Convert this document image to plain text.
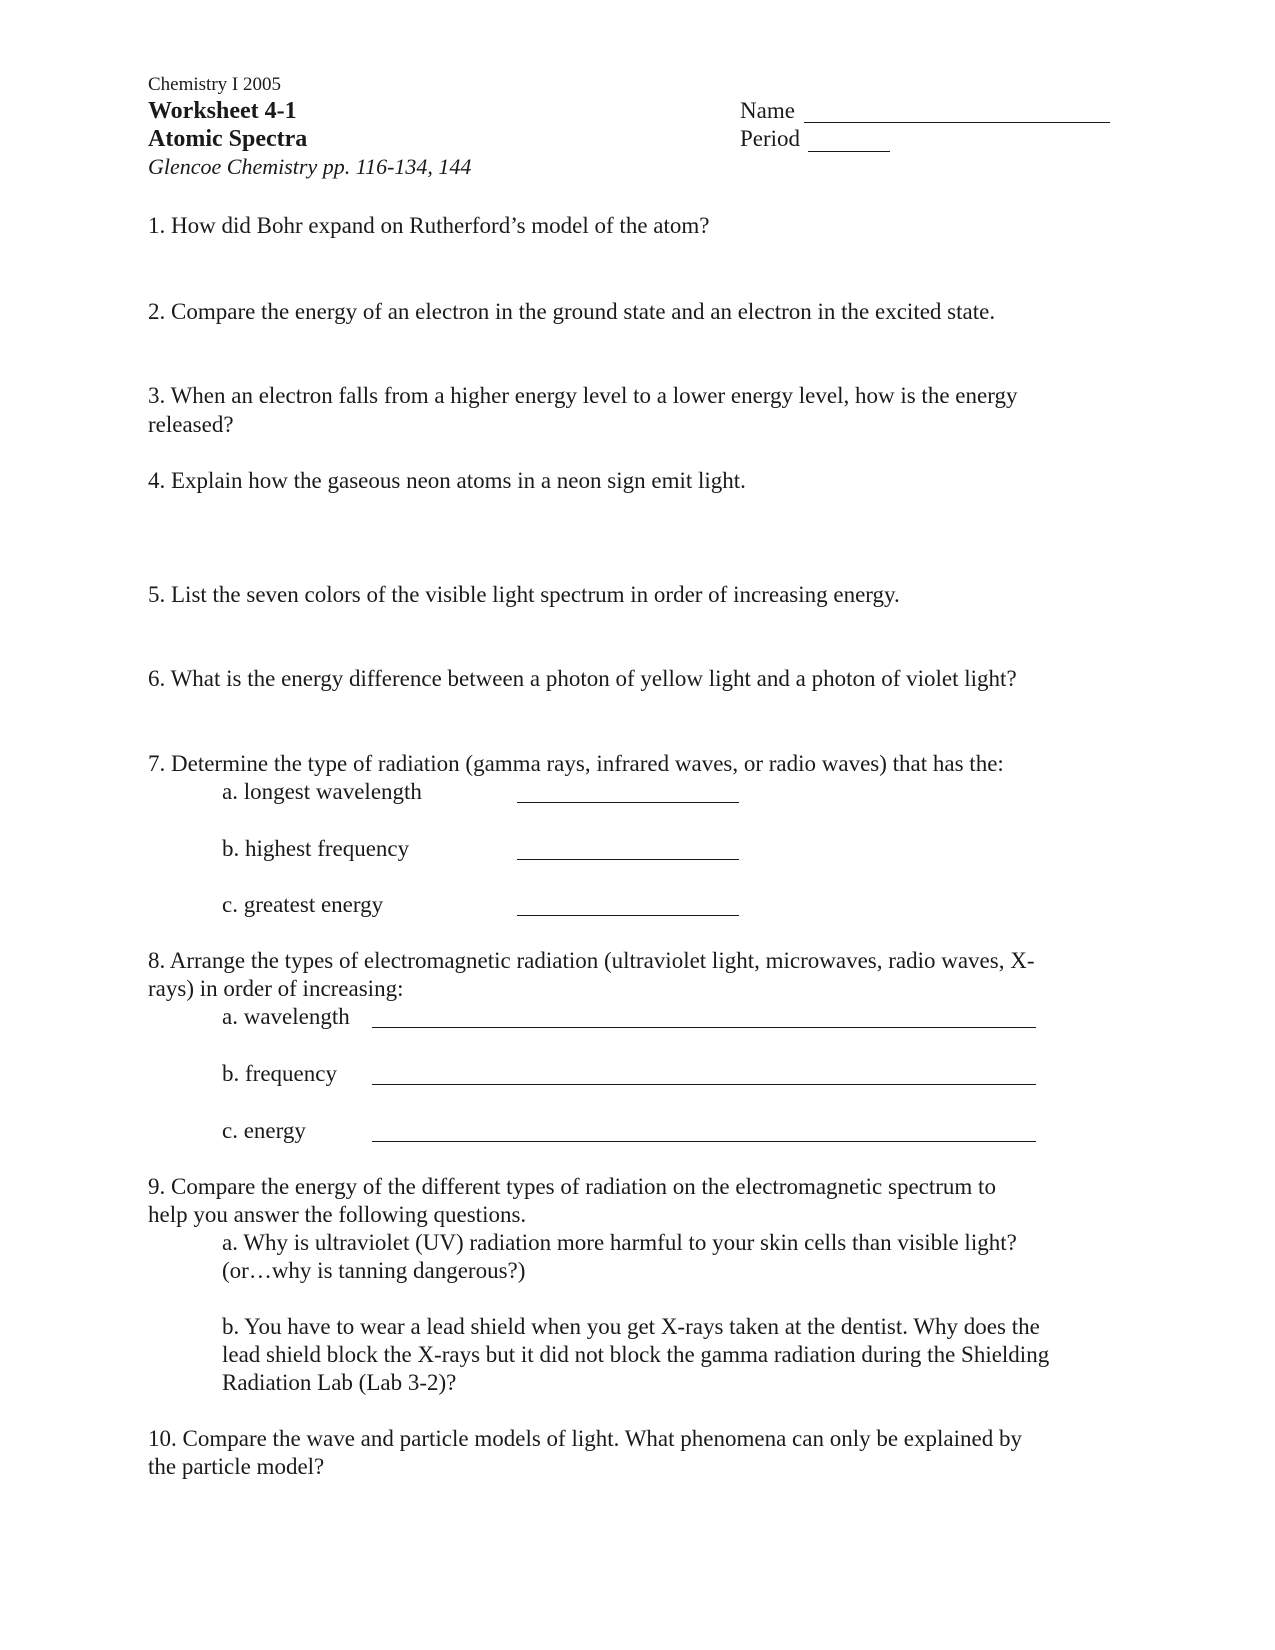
Chemistry I 2005
Worksheet 4-1
Atomic Spectra
Glencoe Chemistry pp. 116-134, 144
Name
Period
1. How did Bohr expand on Rutherford’s model of the atom?
2. Compare the energy of an electron in the ground state and an electron in the excited state.
3. When an electron falls from a higher energy level to a lower energy level, how is the energy
released?
4. Explain how the gaseous neon atoms in a neon sign emit light.
5. List the seven colors of the visible light spectrum in order of increasing energy.
6. What is the energy difference between a photon of yellow light and a photon of violet light?
7. Determine the type of radiation (gamma rays, infrared waves, or radio waves) that has the:
a. longest wavelength
b. highest frequency
c. greatest energy
8. Arrange the types of electromagnetic radiation (ultraviolet light, microwaves, radio waves, X-
rays) in order of increasing:
a. wavelength
b. frequency
c. energy
9. Compare the energy of the different types of radiation on the electromagnetic spectrum to
help you answer the following questions.
a. Why is ultraviolet (UV) radiation more harmful to your skin cells than visible light?
(or…why is tanning dangerous?)
b. You have to wear a lead shield when you get X-rays taken at the dentist. Why does the
lead shield block the X-rays but it did not block the gamma radiation during the Shielding
Radiation Lab (Lab 3-2)?
10. Compare the wave and particle models of light. What phenomena can only be explained by
the particle model?
